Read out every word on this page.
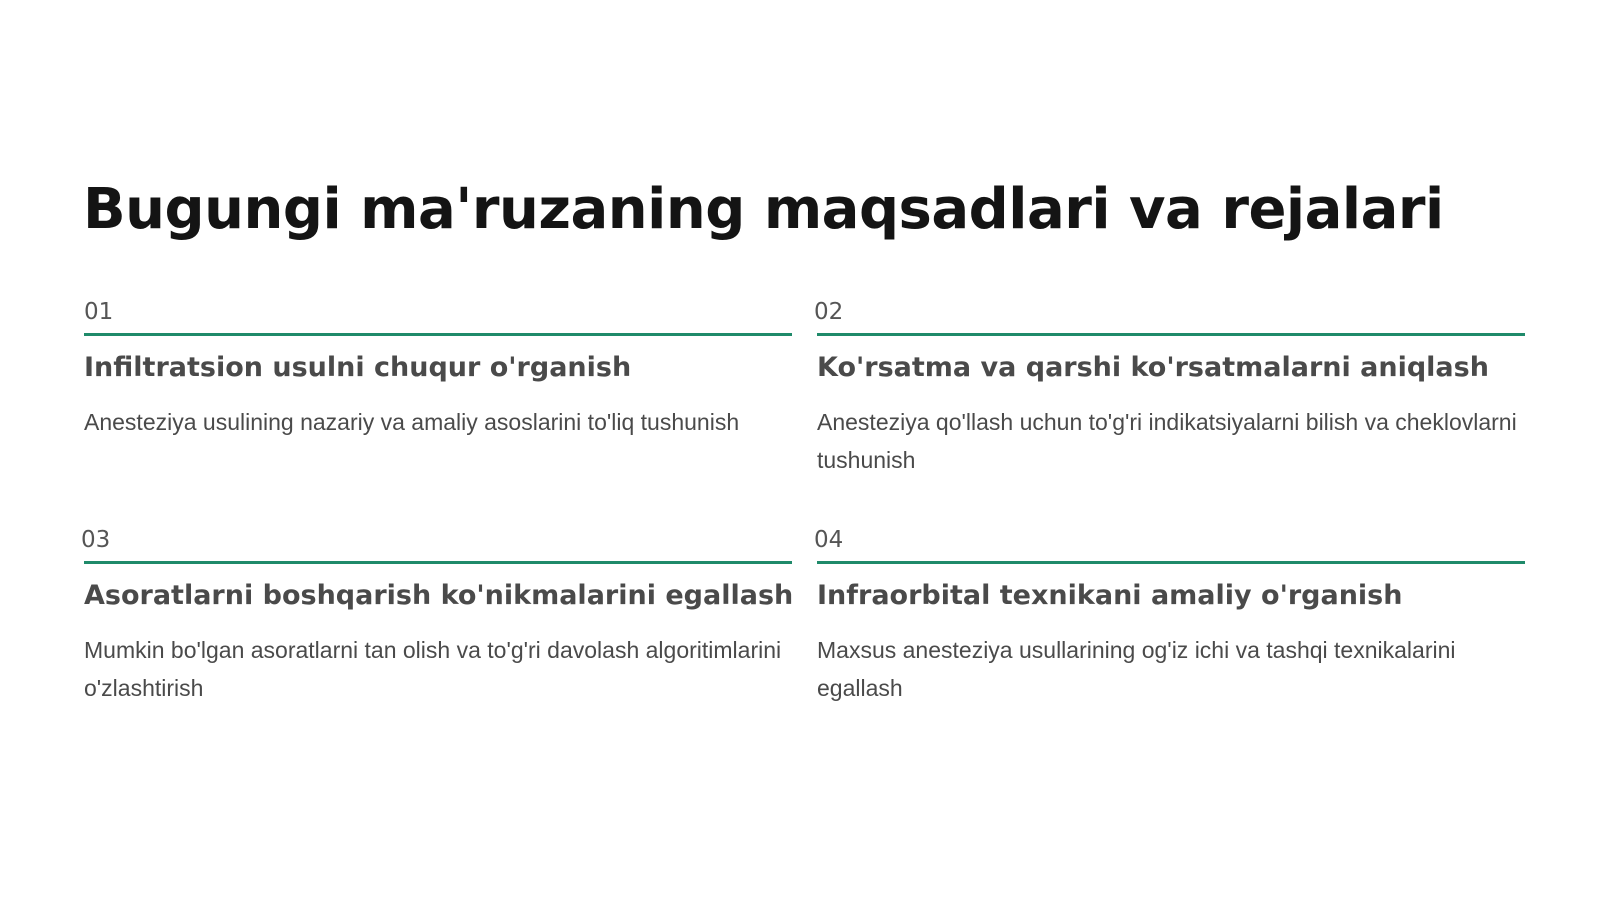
Bugungi ma'ruzaning maqsadlari va rejalari
01
Infiltratsion usulni chuqur o'rganish
Anesteziya usulining nazariy va amaliy asoslarini to'liq tushunish
02
Ko'rsatma va qarshi ko'rsatmalarni aniqlash
Anesteziya qo'llash uchun to'g'ri indikatsiyalarni bilish va cheklovlarni tushunish
03
Asoratlarni boshqarish ko'nikmalarini egallash
Mumkin bo'lgan asoratlarni tan olish va to'g'ri davolash algoritimlarini o'zlashtirish
04
Infraorbital texnikani amaliy o'rganish
Maxsus anesteziya usullarining og'iz ichi va tashqi texnikalarini egallash
